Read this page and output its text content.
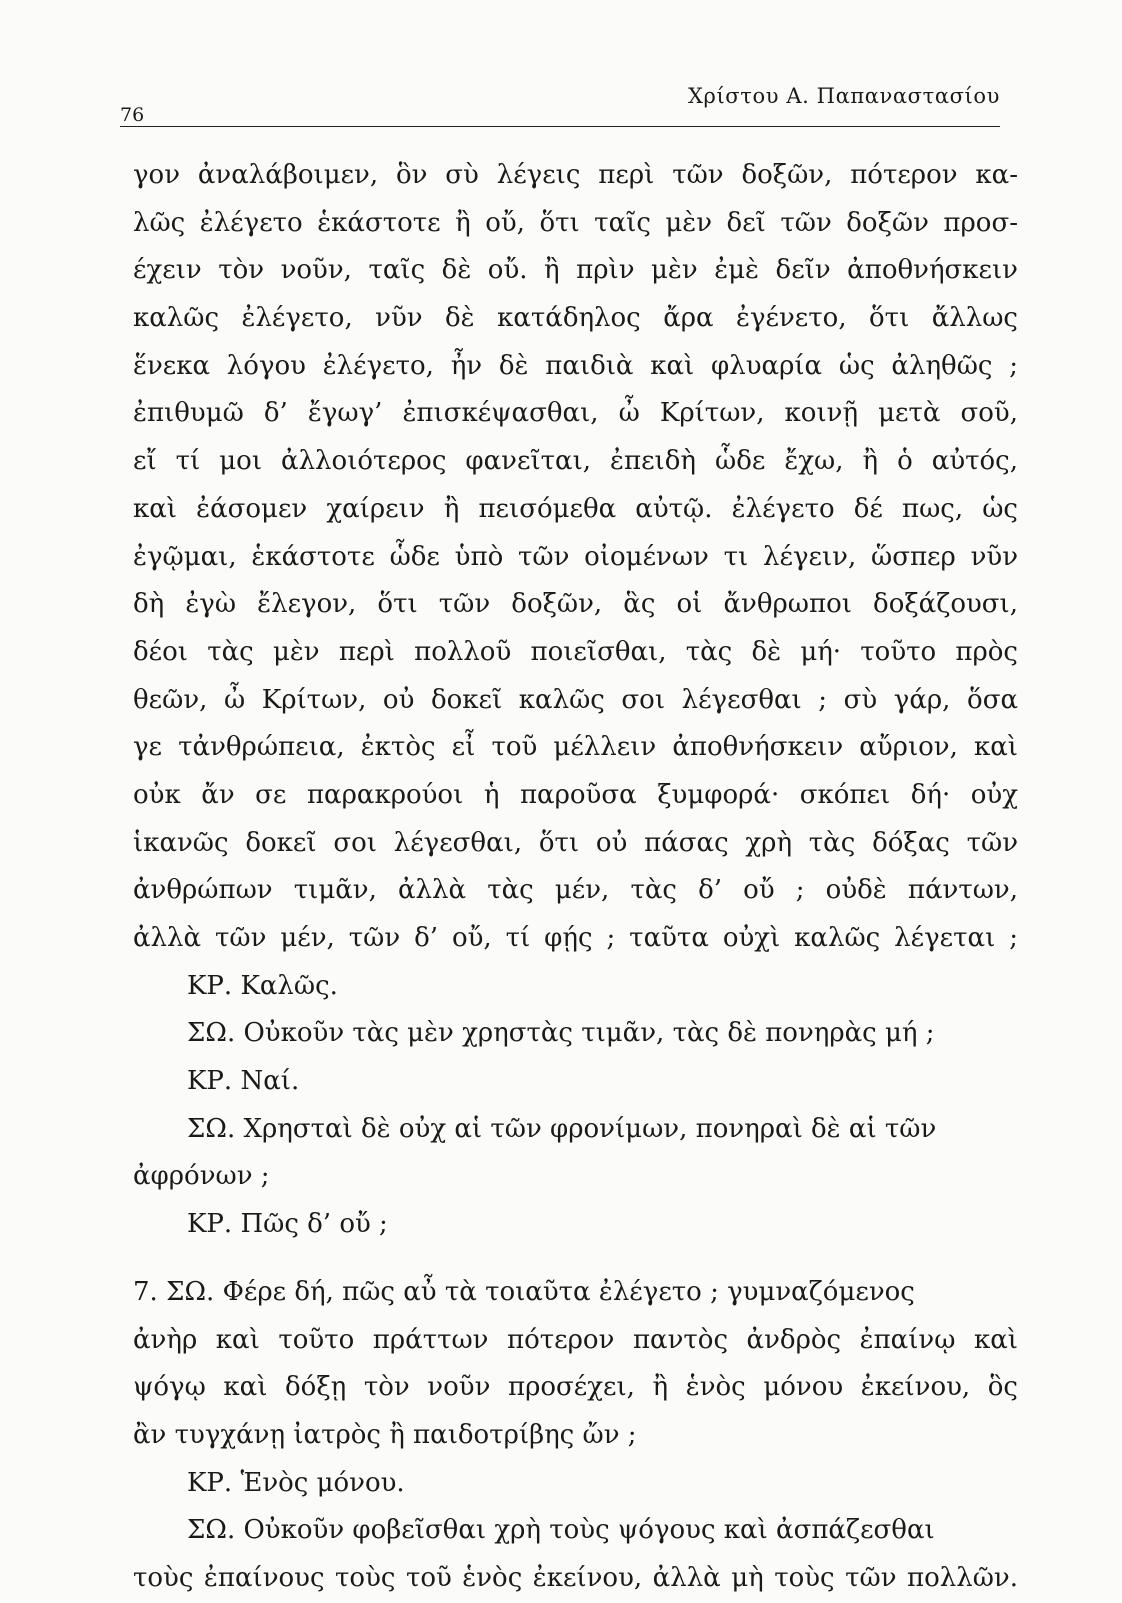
76
Χρίστου Α. Παπαναστασίου
γον ἀναλάβοιμεν, ὃν σὺ λέγεις περὶ τῶν δοξῶν, πότερον κα-
λῶς ἐλέγετο ἑκάστοτε ἢ οὔ, ὅτι ταῖς μὲν δεῖ τῶν δοξῶν προσ-
έχειν τὸν νοῦν, ταῖς δὲ οὔ. ἢ πρὶν μὲν ἐμὲ δεῖν ἀποθνήσκειν
καλῶς ἐλέγετο, νῦν δὲ κατάδηλος ἄρα ἐγένετο, ὅτι ἄλλως
ἕνεκα λόγου ἐλέγετο, ἦν δὲ παιδιὰ καὶ φλυαρία ὡς ἀληθῶς ;
ἐπιθυμῶ δ’ ἔγωγ’ ἐπισκέψασθαι, ὦ Κρίτων, κοινῇ μετὰ σοῦ,
εἴ τί μοι ἀλλοιότερος φανεῖται, ἐπειδὴ ὧδε ἔχω, ἢ ὁ αὐτός,
καὶ ἐάσομεν χαίρειν ἢ πεισόμεθα αὐτῷ. ἐλέγετο δέ πως, ὡς
ἐγῷμαι, ἑκάστοτε ὧδε ὑπὸ τῶν οἰομένων τι λέγειν, ὥσπερ νῦν
δὴ ἐγὼ ἔλεγον, ὅτι τῶν δοξῶν, ἃς οἱ ἄνθρωποι δοξάζουσι,
δέοι τὰς μὲν περὶ πολλοῦ ποιεῖσθαι, τὰς δὲ μή· τοῦτο πρὸς
θεῶν, ὦ Κρίτων, οὐ δοκεῖ καλῶς σοι λέγεσθαι ; σὺ γάρ, ὅσα
γε τἀνθρώπεια, ἐκτὸς εἶ τοῦ μέλλειν ἀποθνήσκειν αὔριον, καὶ
οὐκ ἄν σε παρακρούοι ἡ παροῦσα ξυμφορά· σκόπει δή· οὐχ
ἱκανῶς δοκεῖ σοι λέγεσθαι, ὅτι οὐ πάσας χρὴ τὰς δόξας τῶν
ἀνθρώπων τιμᾶν, ἀλλὰ τὰς μέν, τὰς δ’ οὔ ; οὐδὲ πάντων,
ἀλλὰ τῶν μέν, τῶν δ’ οὔ, τί φῄς ; ταῦτα οὐχὶ καλῶς λέγεται ;
ΚΡ. Καλῶς.
ΣΩ. Οὐκοῦν τὰς μὲν χρηστὰς τιμᾶν, τὰς δὲ πονηρὰς μή ;
ΚΡ. Ναί.
ΣΩ. Χρησταὶ δὲ οὐχ αἱ τῶν φρονίμων, πονηραὶ δὲ αἱ τῶν
ἀφρόνων ;
ΚΡ. Πῶς δ’ οὔ ;
7. ΣΩ. Φέρε δή, πῶς αὖ τὰ τοιαῦτα ἐλέγετο ; γυμναζόμενος
ἀνὴρ καὶ τοῦτο πράττων πότερον παντὸς ἀνδρὸς ἐπαίνῳ καὶ
ψόγῳ καὶ δόξῃ τὸν νοῦν προσέχει, ἢ ἑνὸς μόνου ἐκείνου, ὃς
ἂν τυγχάνῃ ἰατρὸς ἢ παιδοτρίβης ὤν ;
ΚΡ. Ἑνὸς μόνου.
ΣΩ. Οὐκοῦν φοβεῖσθαι χρὴ τοὺς ψόγους καὶ ἀσπάζεσθαι
τοὺς ἐπαίνους τοὺς τοῦ ἑνὸς ἐκείνου, ἀλλὰ μὴ τοὺς τῶν πολλῶν.
